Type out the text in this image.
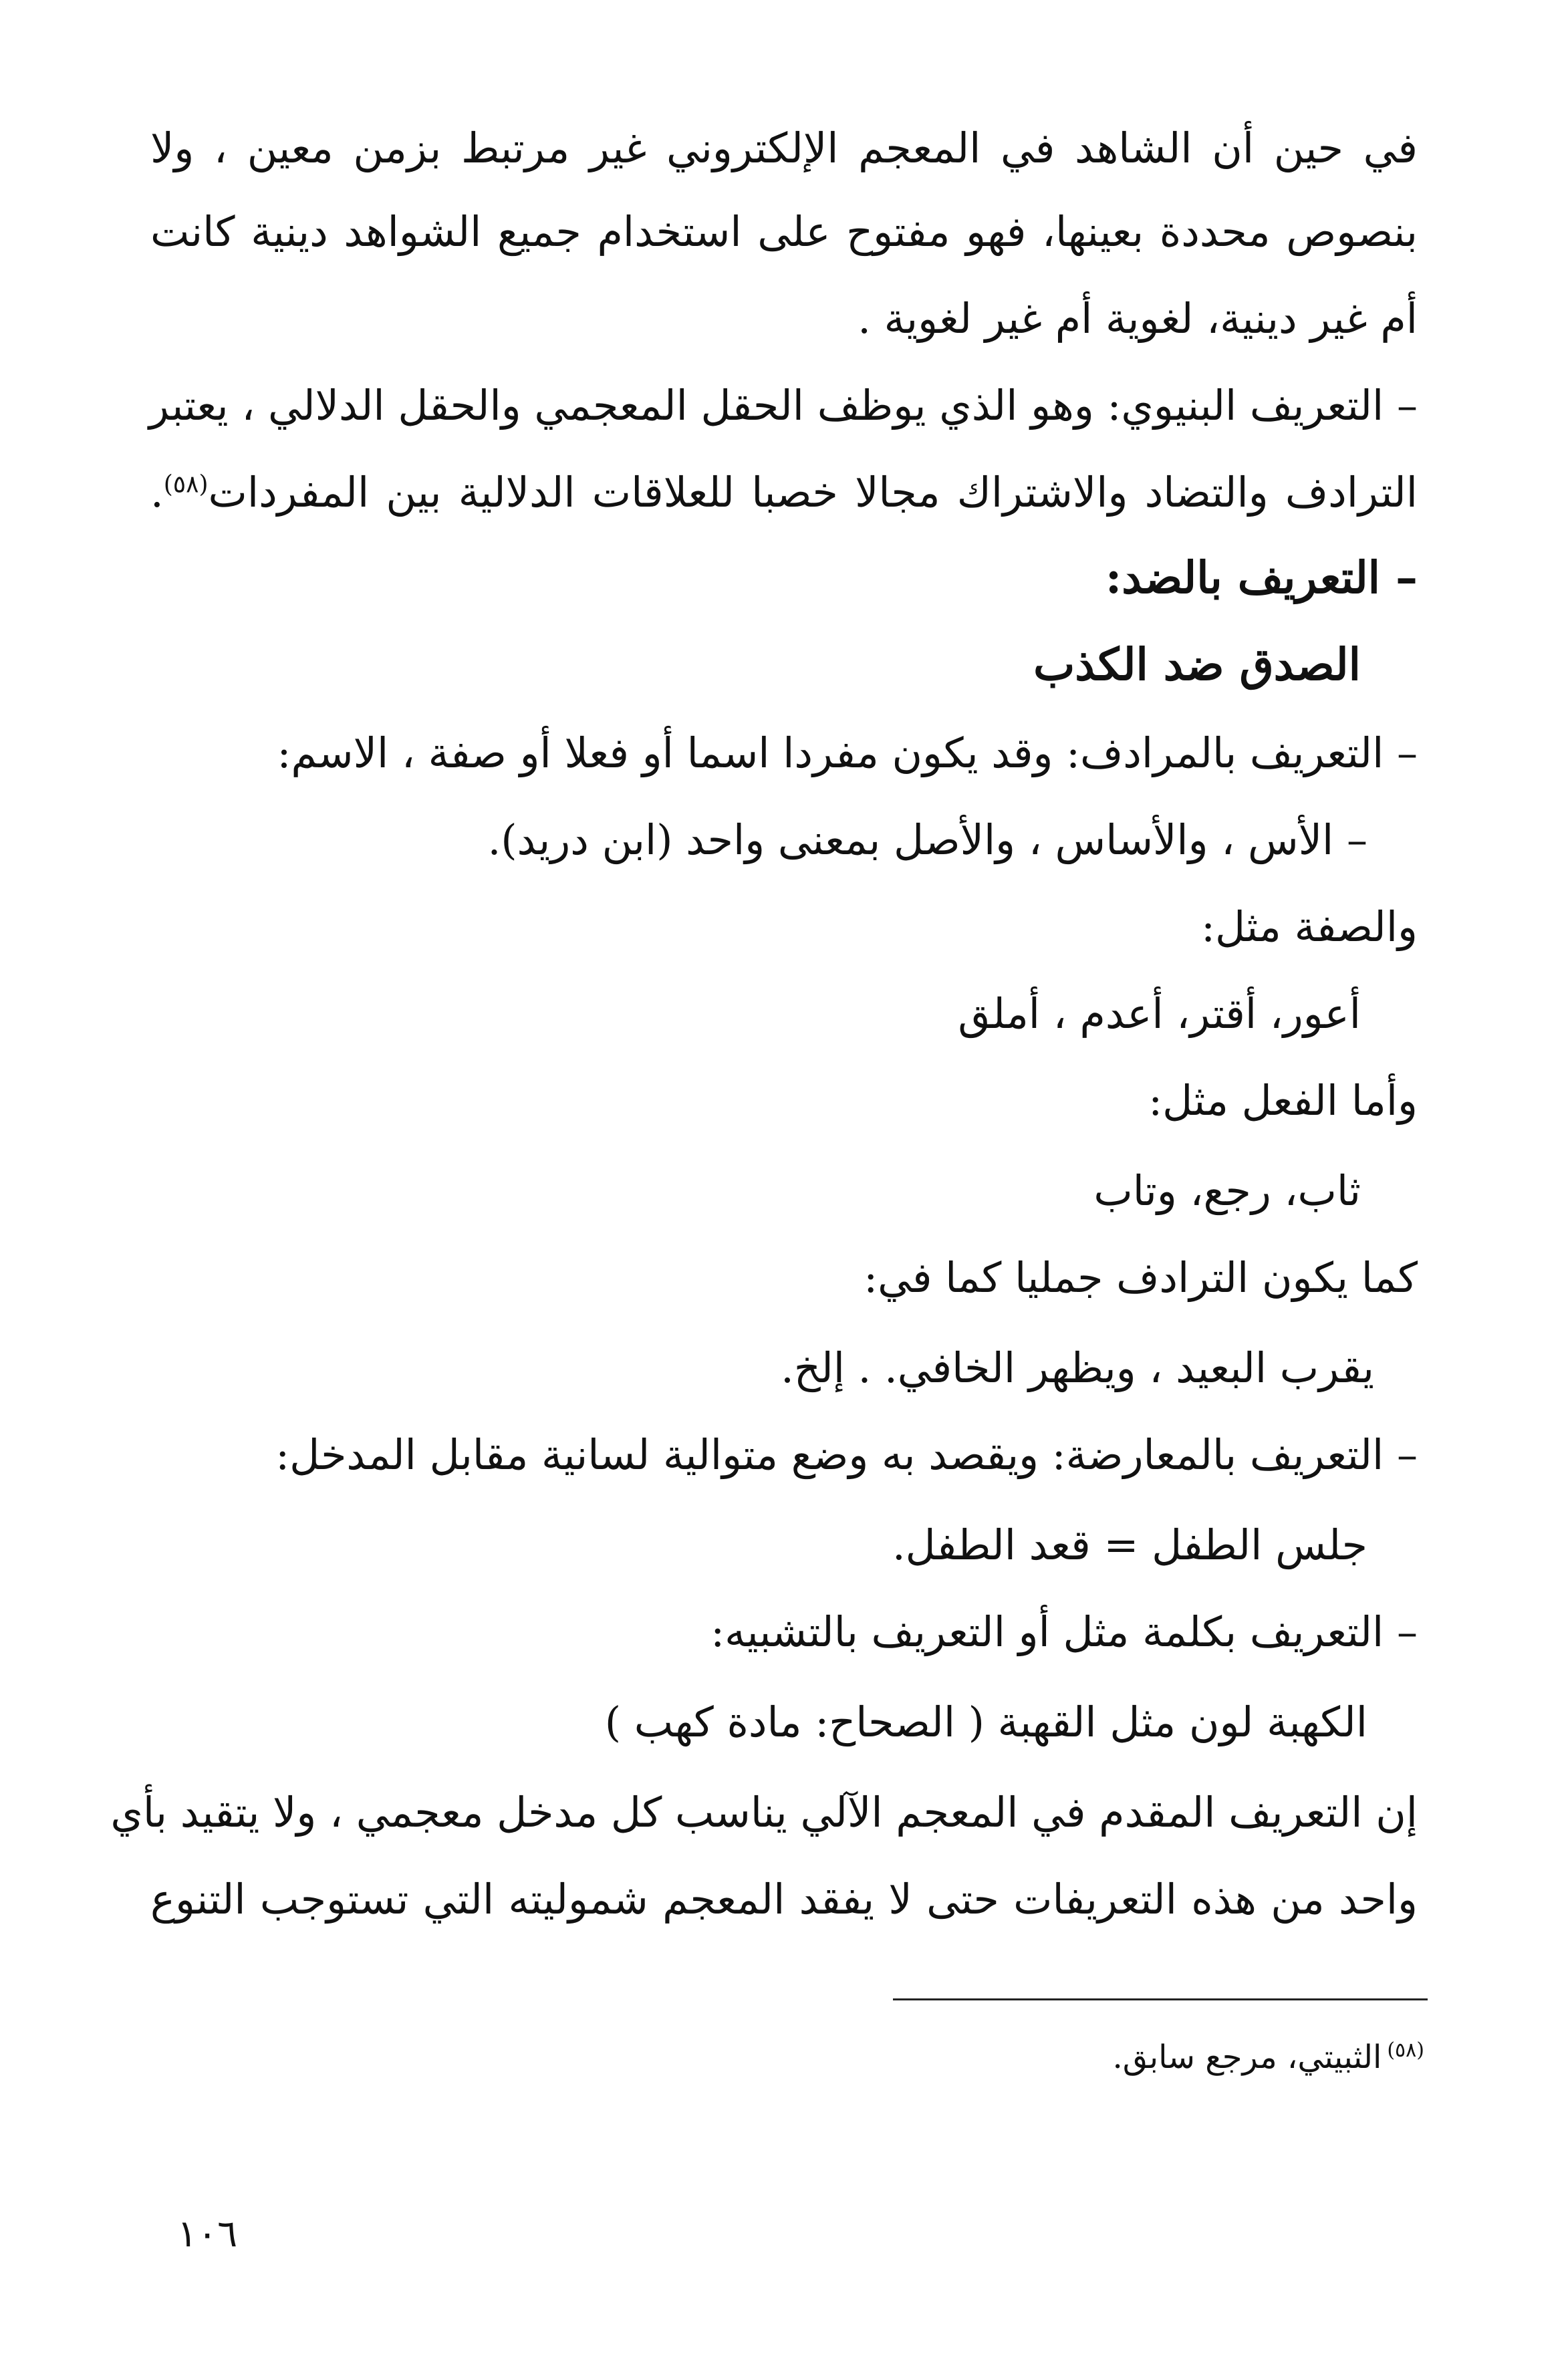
في حين أن الشاهد في المعجم الإلكتروني غير مرتبط بزمن معين ، ولا
بنصوص محددة بعينها، فهو مفتوح على استخدام جميع الشواهد دينية كانت
أم غير دينية، لغوية أم غير لغوية .
– التعريف البنيوي: وهو الذي يوظف الحقل المعجمي والحقل الدلالي ، يعتبر
الترادف والتضاد والاشتراك مجالا خصبا للعلاقات الدلالية بين المفردات$^{(٥٨)}$.
– التعريف بالضد:
الصدق ضد الكذب
– التعريف بالمرادف: وقد يكون مفردا اسما أو فعلا أو صفة ، الاسم:
– الأس ، والأساس ، والأصل بمعنى واحد (ابن دريد).
والصفة مثل:
أعور، أقتر، أعدم ، أملق
وأما الفعل مثل:
ثاب، رجع، وتاب
كما يكون الترادف جمليا كما في:
يقرب البعيد ، ويظهر الخافي. . إلخ.
– التعريف بالمعارضة: ويقصد به وضع متوالية لسانية مقابل المدخل:
جلس الطفل = قعد الطفل.
– التعريف بكلمة مثل أو التعريف بالتشبيه:
الكهبة لون مثل القهبة ( الصحاح: مادة كهب )
إن التعريف المقدم في المعجم الآلي يناسب كل مدخل معجمي ، ولا يتقيد بأي
واحد من هذه التعريفات حتى لا يفقد المعجم شموليته التي تستوجب التنوع
$^{(٥٨)}$الثبيتي، مرجع سابق.
١٠٦
